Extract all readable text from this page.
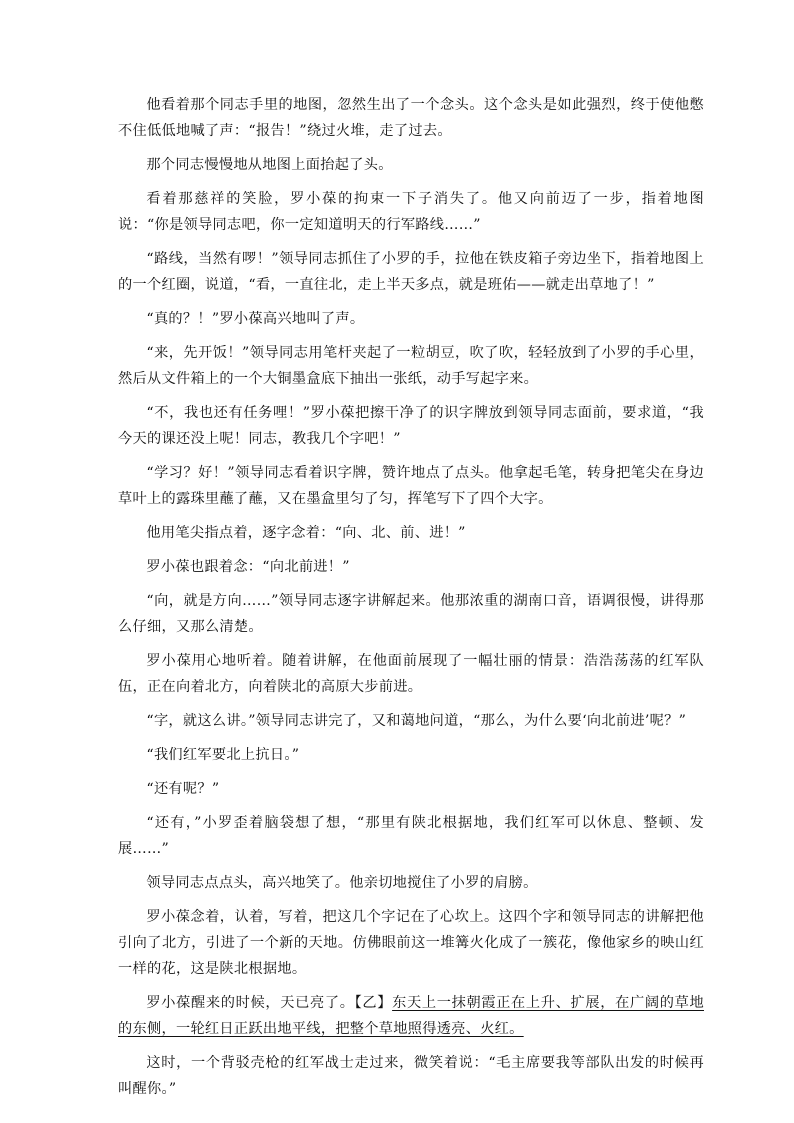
他看着那个同志手里的地图，忽然生出了一个念头。这个念头是如此强烈，终于使他憋不住低低地喊了声：“报告！”绕过火堆，走了过去。

那个同志慢慢地从地图上面抬起了头。

看着那慈祥的笑脸，罗小葆的拘束一下子消失了。他又向前迈了一步，指着地图说：“你是领导同志吧，你一定知道明天的行军路线……”

“路线，当然有啰！”领导同志抓住了小罗的手，拉他在铁皮箱子旁边坐下，指着地图上的一个红圈，说道，“看，一直往北，走上半天多点，就是班佑——就走出草地了！”

“真的？！”罗小葆高兴地叫了声。

“来，先开饭！”领导同志用笔杆夹起了一粒胡豆，吹了吹，轻轻放到了小罗的手心里，然后从文件箱上的一个大铜墨盒底下抽出一张纸，动手写起字来。

“不，我也还有任务哩！”罗小葆把擦干净了的识字牌放到领导同志面前，要求道，“我今天的课还没上呢！同志，教我几个字吧！”

“学习？好！”领导同志看着识字牌，赞许地点了点头。他拿起毛笔，转身把笔尖在身边草叶上的露珠里蘸了蘸，又在墨盒里匀了匀，挥笔写下了四个大字。

他用笔尖指点着，逐字念着：“向、北、前、进！”

罗小葆也跟着念：“向北前进！”

“向，就是方向……”领导同志逐字讲解起来。他那浓重的湖南口音，语调很慢，讲得那么仔细，又那么清楚。

罗小葆用心地听着。随着讲解，在他面前展现了一幅壮丽的情景：浩浩荡荡的红军队伍，正在向着北方，向着陕北的高原大步前进。

“字，就这么讲。”领导同志讲完了，又和蔼地问道，“那么，为什么要‘向北前进’呢？”

“我们红军要北上抗日。”

“还有呢？”

“还有，”小罗歪着脑袋想了想，“那里有陕北根据地，我们红军可以休息、整顿、发展……”

领导同志点点头，高兴地笑了。他亲切地搅住了小罗的肩膀。

罗小葆念着，认着，写着，把这几个字记在了心坎上。这四个字和领导同志的讲解把他引向了北方，引进了一个新的天地。仿佛眼前这一堆篝火化成了一簇花，像他家乡的映山红一样的花，这是陕北根据地。

罗小葆醒来的时候，天已亮了。【乙】东天上一抹朝霞正在上升、扩展，在广阔的草地的东侧，一轮红日正跃出地平线，把整个草地照得透亮、火红。

这时，一个背驳壳枪的红军战士走过来，微笑着说：“毛主席要我等部队出发的时候再叫醒你。”
